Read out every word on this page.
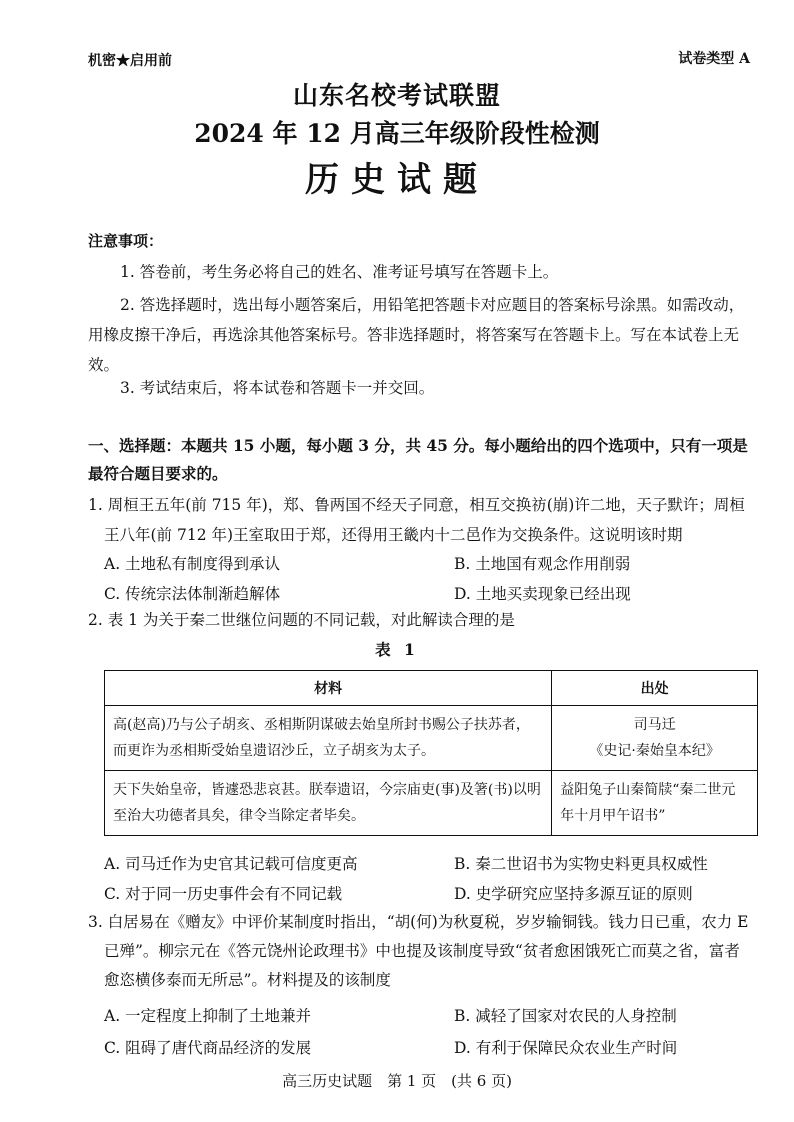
机密★启用前	试卷类型 A
山东名校考试联盟
2024 年 12 月高三年级阶段性检测
历史试题
注意事项：
1. 答卷前，考生务必将自己的姓名、准考证号填写在答题卡上。
2. 答选择题时，选出每小题答案后，用铅笔把答题卡对应题目的答案标号涂黑。如需改动，用橡皮擦干净后，再选涂其他答案标号。答非选择题时，将答案写在答题卡上。写在本试卷上无效。
3. 考试结束后，将本试卷和答题卡一并交回。
一、选择题：本题共 15 小题，每小题 3 分，共 45 分。每小题给出的四个选项中，只有一项是最符合题目要求的。
1. 周桓王五年(前 715 年)，郑、鲁两国不经天子同意，相互交换祊(崩)许二地，天子默许；周桓王八年(前 712 年)王室取田于郑，还得用王畿内十二邑作为交换条件。这说明该时期
A. 土地私有制度得到承认	B. 土地国有观念作用削弱
C. 传统宗法体制渐趋解体	D. 土地买卖现象已经出现
2. 表 1 为关于秦二世继位问题的不同记载，对此解读合理的是
表 1
材料	出处
高(赵高)乃与公子胡亥、丞相斯阴谋破去始皇所封书赐公子扶苏者，而更诈为丞相斯受始皇遗诏沙丘，立子胡亥为太子。	司马迁
《史记·秦始皇本纪》

天下失始皇帝，皆遽恐悲哀甚。朕奉遗诏，今宗庙吏(事)及箸(书)以明至治大功德者具矣，律令当除定者毕矣。	益阳兔子山秦简牍“秦二世元年十月甲午诏书”
A. 司马迁作为史官其记载可信度更高	B. 秦二世诏书为实物史料更具权威性
C. 对于同一历史事件会有不同记载	D. 史学研究应坚持多源互证的原则
3. 白居易在《赠友》中评价某制度时指出，“胡(何)为秋夏税，岁岁输铜钱。钱力日已重，农力 E已殚”。柳宗元在《答元饶州论政理书》中也提及该制度导致“贫者愈困饿死亡而莫之省，富者愈恣横侈泰而无所忌”。材料提及的该制度
A. 一定程度上抑制了土地兼并	B. 减轻了国家对农民的人身控制
C. 阻碍了唐代商品经济的发展	D. 有利于保障民众农业生产时间
高三历史试题　第 1 页　(共 6 页)
